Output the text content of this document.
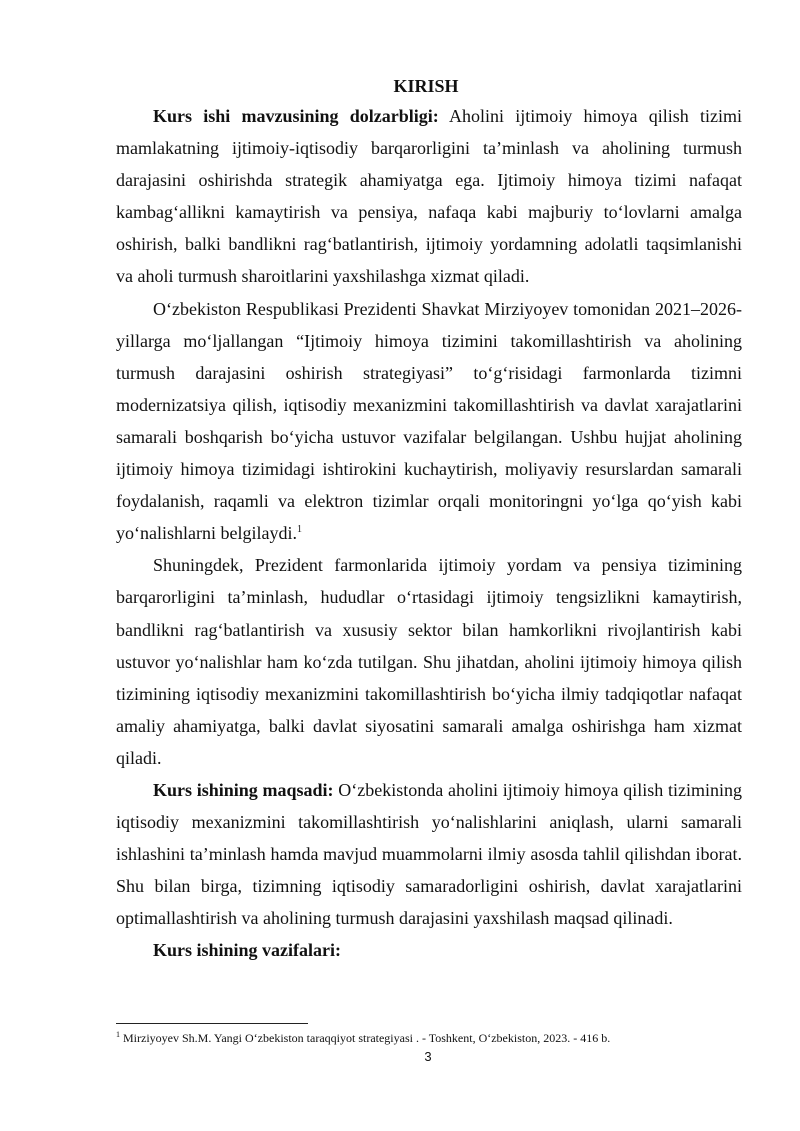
KIRISH

Kurs ishi mavzusining dolzarbligi: Aholini ijtimoiy himoya qilish tizimi mamlakatning ijtimoiy-iqtisodiy barqarorligini ta’minlash va aholining turmush darajasini oshirishda strategik ahamiyatga ega. Ijtimoiy himoya tizimi nafaqat kambag‘allikni kamaytirish va pensiya, nafaqa kabi majburiy to‘lovlarni amalga oshirish, balki bandlikni rag‘batlantirish, ijtimoiy yordamning adolatli taqsimlanishi va aholi turmush sharoitlarini yaxshilashga xizmat qiladi.

O‘zbekiston Respublikasi Prezidenti Shavkat Mirziyoyev tomonidan 2021–2026-yillarga mo‘ljallangan “Ijtimoiy himoya tizimini takomillashtirish va aholining turmush darajasini oshirish strategiyasi” to‘g‘risidagi farmonlarda tizimni modernizatsiya qilish, iqtisodiy mexanizmini takomillashtirish va davlat xarajatlarini samarali boshqarish bo‘yicha ustuvor vazifalar belgilangan. Ushbu hujjat aholining ijtimoiy himoya tizimidagi ishtirokini kuchaytirish, moliyaviy resurslardan samarali foydalanish, raqamli va elektron tizimlar orqali monitoringni yo‘lga qo‘yish kabi yo‘nalishlarni belgilaydi.$^1$

Shuningdek, Prezident farmonlarida ijtimoiy yordam va pensiya tizimining barqarorligini ta’minlash, hududlar o‘rtasidagi ijtimoiy tengsizlikni kamaytirish, bandlikni rag‘batlantirish va xususiy sektor bilan hamkorlikni rivojlantirish kabi ustuvor yo‘nalishlar ham ko‘zda tutilgan. Shu jihatdan, aholini ijtimoiy himoya qilish tizimining iqtisodiy mexanizmini takomillashtirish bo‘yicha ilmiy tadqiqotlar nafaqat amaliy ahamiyatga, balki davlat siyosatini samarali amalga oshirishga ham xizmat qiladi.

Kurs ishining maqsadi: O‘zbekistonda aholini ijtimoiy himoya qilish tizimining iqtisodiy mexanizmini takomillashtirish yo‘nalishlarini aniqlash, ularni samarali ishlashini ta’minlash hamda mavjud muammolarni ilmiy asosda tahlil qilishdan iborat. Shu bilan birga, tizimning iqtisodiy samaradorligini oshirish, davlat xarajatlarini optimallashtirish va aholining turmush darajasini yaxshilash maqsad qilinadi.

Kurs ishining vazifalari:

$^1$ Mirziyoyev Sh.M. Yangi O‘zbekiston taraqqiyot strategiyasi . - Toshkent, O‘zbekiston, 2023. - 416 b.

3
